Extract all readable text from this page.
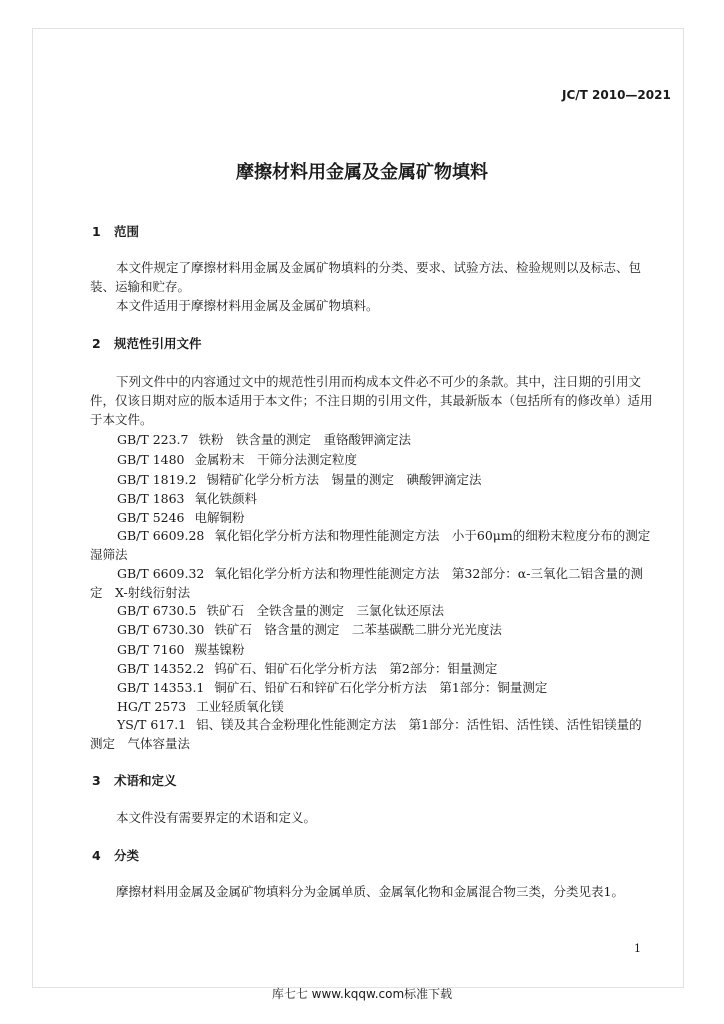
JC/T 2010—2021
摩擦材料用金属及金属矿物填料
1 范围
本文件规定了摩擦材料用金属及金属矿物填料的分类、要求、试验方法、检验规则以及标志、包装、运输和贮存。
本文件适用于摩擦材料用金属及金属矿物填料。
2 规范性引用文件
下列文件中的内容通过文中的规范性引用而构成本文件必不可少的条款。其中，注日期的引用文件，仅该日期对应的版本适用于本文件；不注日期的引用文件，其最新版本（包括所有的修改单）适用于本文件。
GB/T 223.7 铁粉　铁含量的测定　重铬酸钾滴定法
GB/T 1480 金属粉末　干筛分法测定粒度
GB/T 1819.2 锡精矿化学分析方法　锡量的测定　碘酸钾滴定法
GB/T 1863 氧化铁颜料
GB/T 5246 电解铜粉
GB/T 6609.28 氧化铝化学分析方法和物理性能测定方法　小于60μm的细粉末粒度分布的测定　湿筛法
GB/T 6609.32 氧化铝化学分析方法和物理性能测定方法　第32部分：α-三氧化二铝含量的测定　X-射线衍射法
GB/T 6730.5 铁矿石　全铁含量的测定　三氯化钛还原法
GB/T 6730.30 铁矿石　铬含量的测定　二苯基碳酰二肼分光光度法
GB/T 7160 羰基镍粉
GB/T 14352.2 钨矿石、钼矿石化学分析方法　第2部分：钼量测定
GB/T 14353.1 铜矿石、铅矿石和锌矿石化学分析方法　第1部分：铜量测定
HG/T 2573 工业轻质氧化镁
YS/T 617.1 铝、镁及其合金粉理化性能测定方法　第1部分：活性铝、活性镁、活性铝镁量的测定　气体容量法
3 术语和定义
本文件没有需要界定的术语和定义。
4 分类
摩擦材料用金属及金属矿物填料分为金属单质、金属氧化物和金属混合物三类，分类见表1。
1
库七七 www.kqqw.com标准下载
